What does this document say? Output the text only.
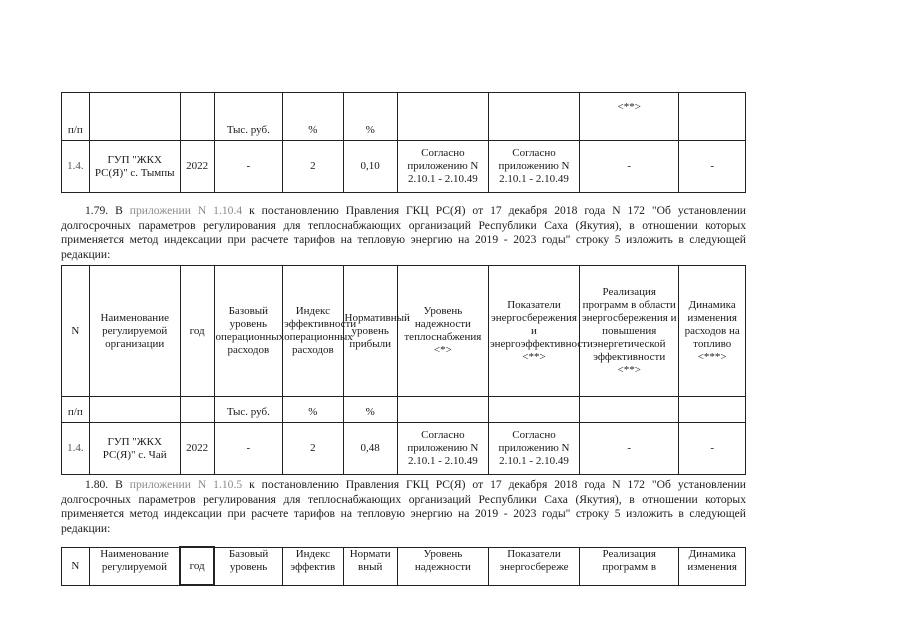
п/п			Тыс. руб.	%	%			<**>	
1.4.	ГУП "ЖКХ РС(Я)" с. Тымпы	2022	-	2	0,10	Согласно приложению N 2.10.1 - 2.10.49	Согласно приложению N 2.10.1 - 2.10.49	-	-

1.79. В приложении N 1.10.4 к постановлению Правления ГКЦ РС(Я) от 17 декабря 2018 года N 172 "Об установлении долгосрочных параметров регулирования для теплоснабжающих организаций Республики Саха (Якутия), в отношении которых применяется метод индексации при расчете тарифов на тепловую энергию на 2019 - 2023 годы" строку 5 изложить в следующей редакции:

N	Наименование регулируемой организации	год	Базовый уровень операционных расходов	Индекс эффективности операционных расходов	Нормативный уровень прибыли	Уровень надежности теплоснабжения <*>	Показатели энергосбережения и энергоэффективности <**>	Реализация программ в области энергосбережения и повышения энергетической эффективности <**>	Динамика изменения расходов на топливо <***>
п/п			Тыс. руб.	%	%				
1.4.	ГУП "ЖКХ РС(Я)" с. Чай	2022	-	2	0,48	Согласно приложению N 2.10.1 - 2.10.49	Согласно приложению N 2.10.1 - 2.10.49	-	-

1.80. В приложении N 1.10.5 к постановлению Правления ГКЦ РС(Я) от 17 декабря 2018 года N 172 "Об установлении долгосрочных параметров регулирования для теплоснабжающих организаций Республики Саха (Якутия), в отношении которых применяется метод индексации при расчете тарифов на тепловую энергию на 2019 - 2023 годы" строку 5 изложить в следующей редакции:

N	Наименование регулируемой	год	Базовый уровень	Индекс эффектив	Нормати вный	Уровень надежности	Показатели энергосбереже	Реализация программ в	Динамика изменения
